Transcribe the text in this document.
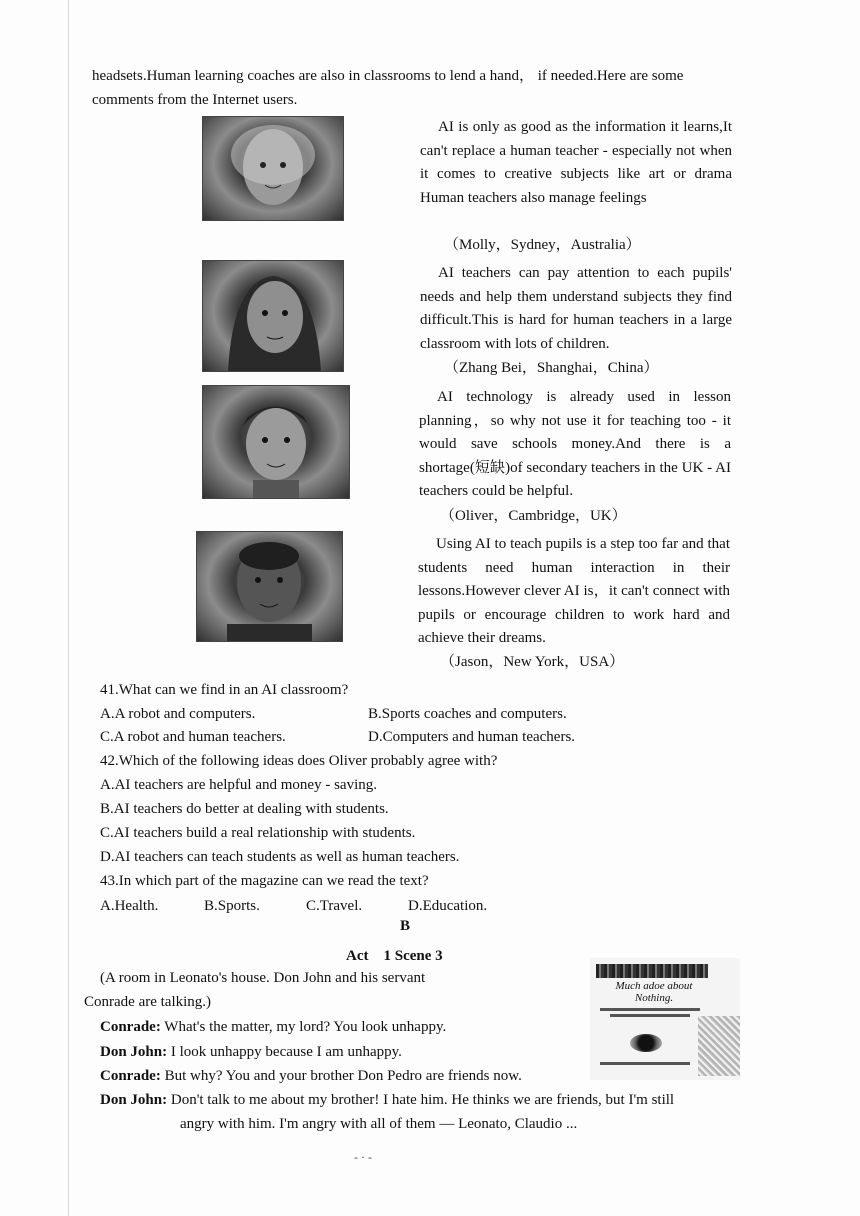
headsets.Human learning coaches are also in classrooms to lend a hand， if needed.Here are some
comments from the Internet users.

AI is only as good as the information it learns,It can't replace a human teacher - especially not when it comes to creative subjects like art or drama Human teachers also manage feelings

（Molly，Sydney，Australia）

AI teachers can pay attention to each pupils' needs and help them understand subjects they find difficult.This is hard for human teachers in a large classroom with lots of children.

（Zhang Bei，Shanghai，China）

AI technology is already used in lesson planning，so why not use it for teaching too - it would save schools money.And there is a shortage(短缺)of secondary teachers in the UK - AI teachers could be helpful.

（Oliver，Cambridge，UK）

Using AI to teach pupils is a step too far and that students need human interaction in their lessons.However clever AI is，it can't connect with pupils or encourage children to work hard and achieve their dreams.

（Jason，New York，USA）
41.What can we find in an AI classroom?
A.A robot and computers.	B.Sports coaches and computers.
C.A robot and human teachers.	D.Computers and human teachers.
42.Which of the following ideas does Oliver probably agree with?
A.AI teachers are helpful and money - saving.
B.AI teachers do better at dealing with students.
C.AI teachers build a real relationship with students.
D.AI teachers can teach students as well as human teachers.
43.In which part of the magazine can we read the text?
A.Health.	B.Sports.	C.Travel.	D.Education.
B
Act　1 Scene 3
(A room in Leonato's house. Don John and his servant
Conrade are talking.)
Conrade: What's the matter, my lord? You look unhappy.
Don John: I look unhappy because I am unhappy.
Conrade: But why? You and your brother Don Pedro are friends now.
Don John: Don't talk to me about my brother! I hate him. He thinks we are friends, but I'm still
angry with him. I'm angry with all of them — Leonato, Claudio ...
Much adoe about Nothing.
- · -
